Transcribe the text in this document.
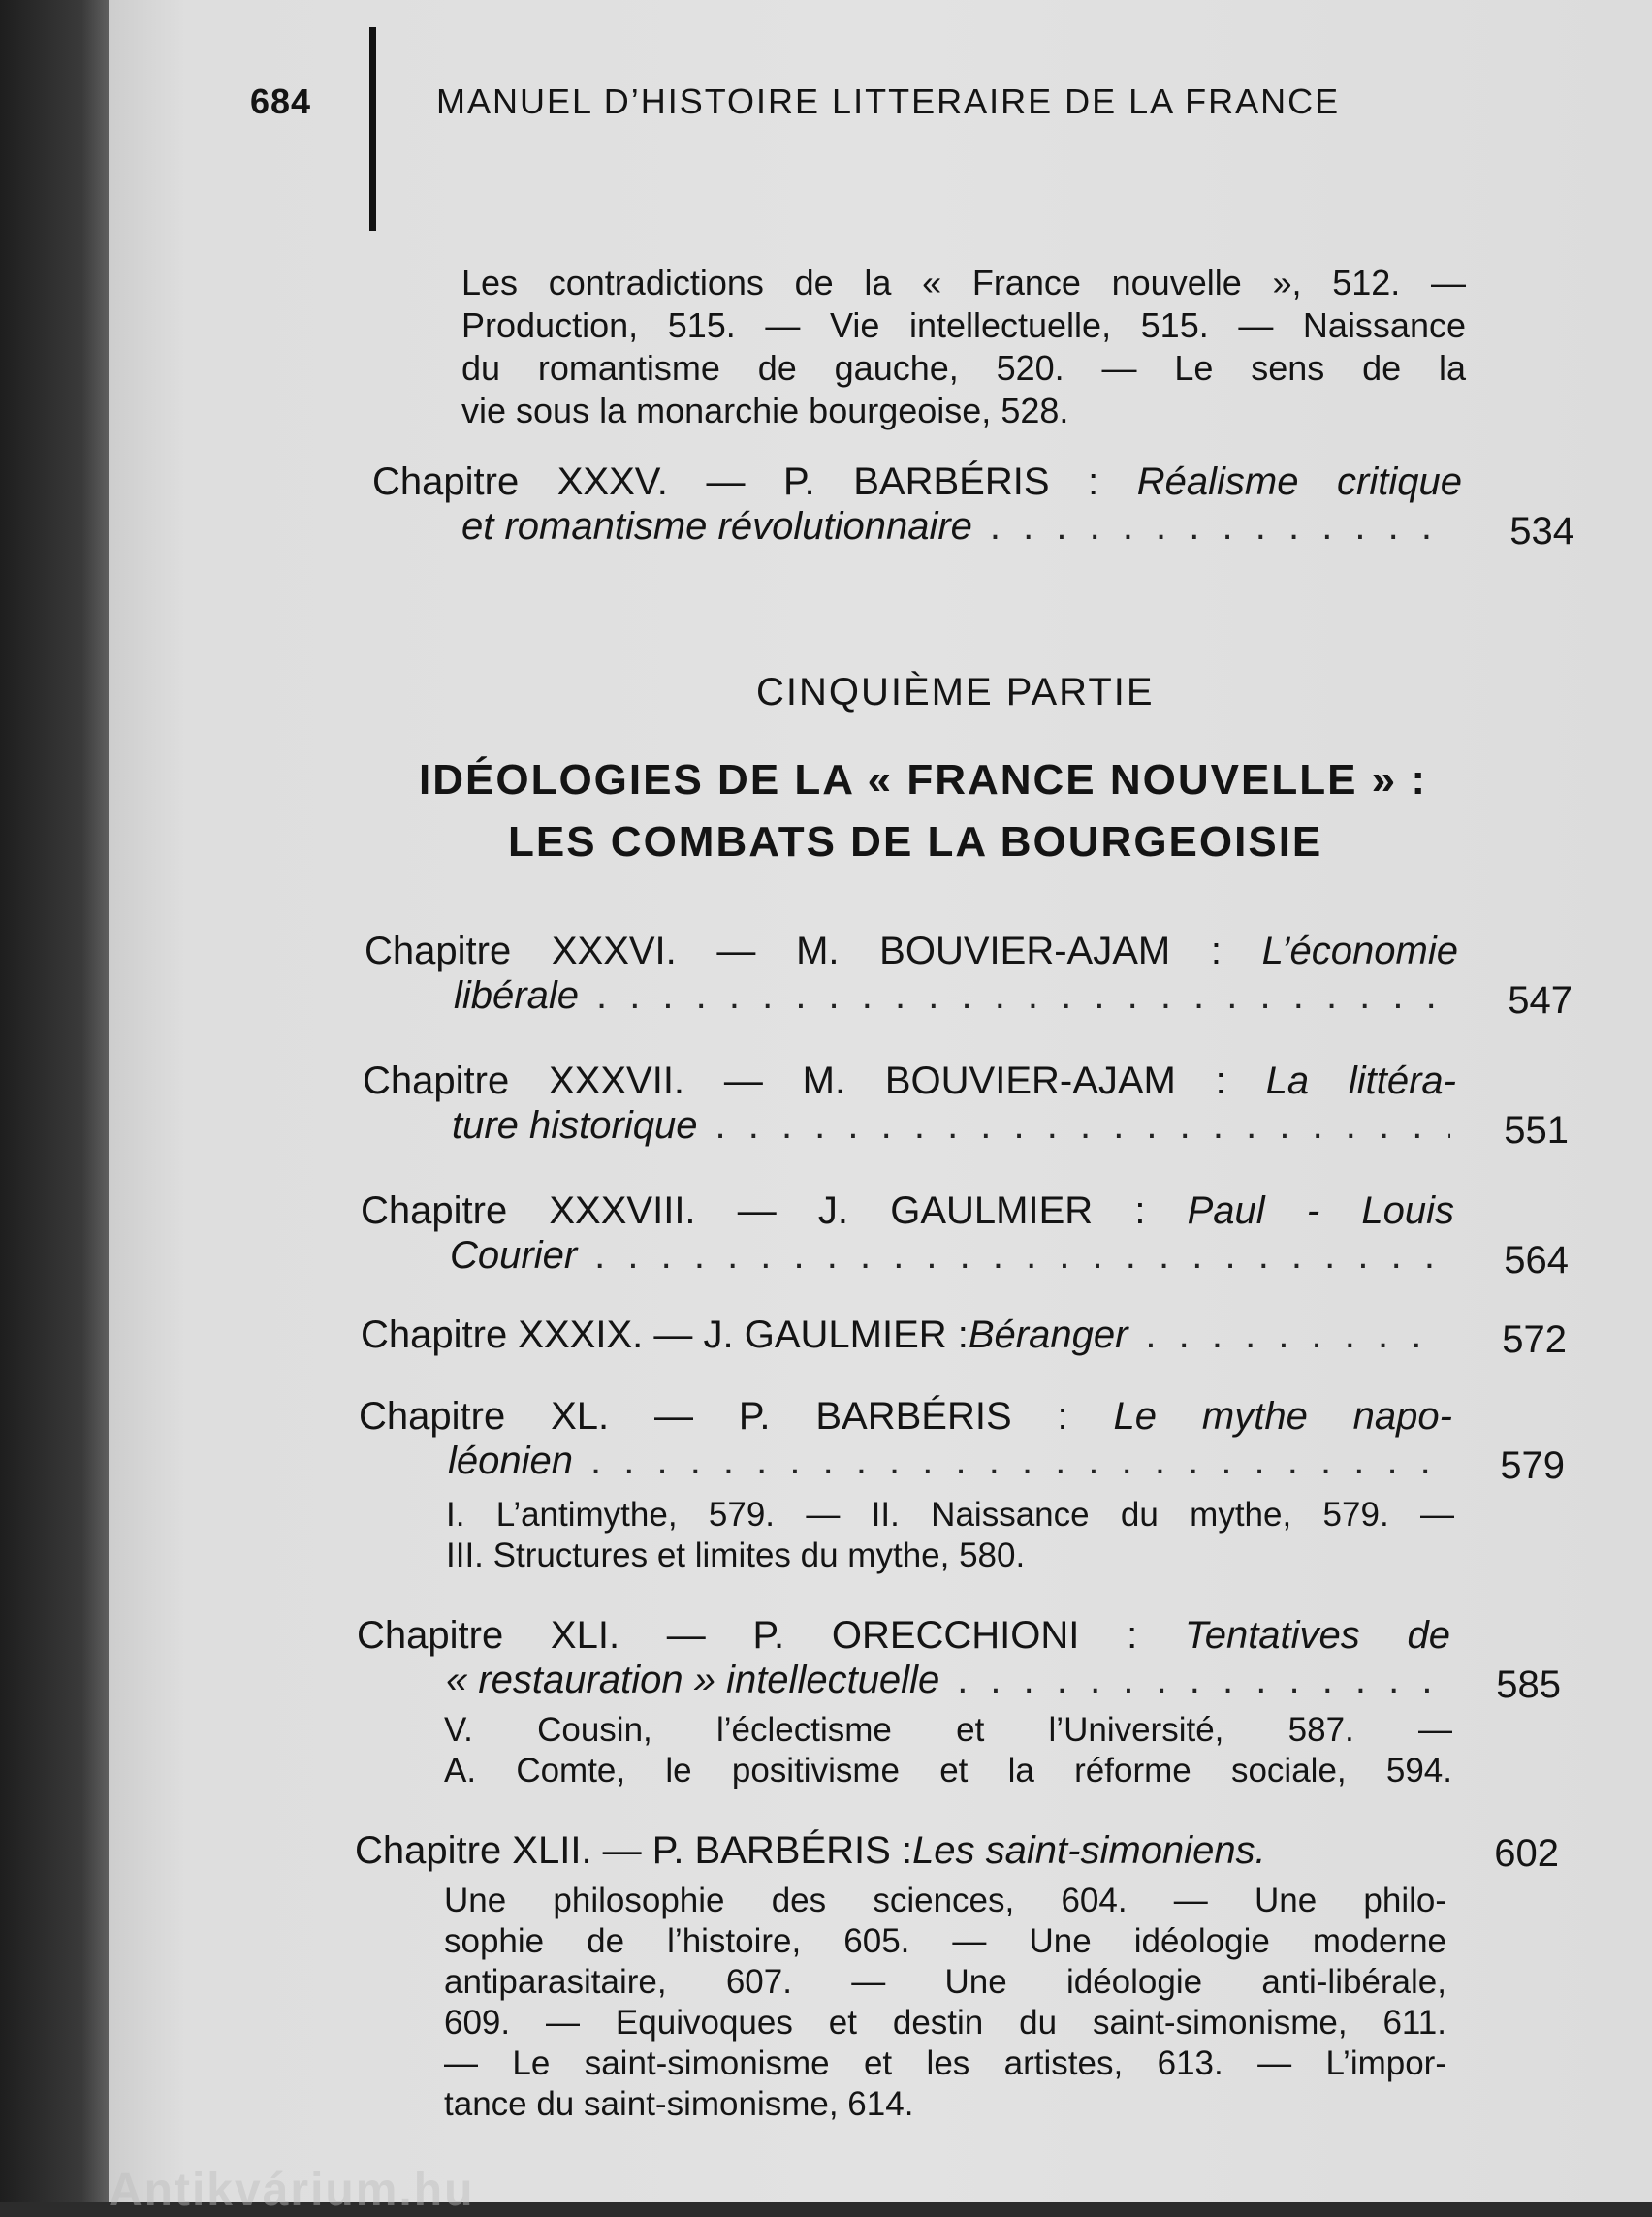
Antikvárium.hu
684	MANUEL D’HISTOIRE LITTERAIRE DE LA FRANCE
Les contradictions de la « France nouvelle », 512. —
Production, 515. — Vie intellectuelle, 515. — Naissance
du romantisme de gauche, 520. — Le sens de la
vie sous la monarchie bourgeoise, 528.
Chapitre XXXV. — P. BARBÉRIS : Réalisme critique
et romantisme révolutionnaire . . .	534
CINQUIÈME PARTIE
IDÉOLOGIES DE LA « FRANCE NOUVELLE » :
LES COMBATS DE LA BOURGEOISIE
Chapitre XXXVI. — M. BOUVIER-AJAM : L’économie
libérale . . .	547
Chapitre XXXVII. — M. BOUVIER-AJAM : La littéra-
ture historique . . .	551
Chapitre XXXVIII. — J. GAULMIER : Paul - Louis
Courier . . .	564
Chapitre XXXIX. — J. GAULMIER : Béranger . . .	572
Chapitre XL. — P. BARBÉRIS : Le mythe napo-
léonien . . .	579
I. L’antimythe, 579. — II. Naissance du mythe, 579. —
III. Structures et limites du mythe, 580.
Chapitre XLI. — P. ORECCHIONI : Tentatives de
« restauration » intellectuelle . . .	585
V. Cousin, l’éclectisme et l’Université, 587. —
A. Comte, le positivisme et la réforme sociale, 594.
Chapitre XLII. — P. BARBÉRIS : Les saint-simoniens.	602
Une philosophie des sciences, 604. — Une philo-
sophie de l’histoire, 605. — Une idéologie moderne
antiparasitaire, 607. — Une idéologie anti-libérale,
609. — Equivoques et destin du saint-simonisme, 611.
— Le saint-simonisme et les artistes, 613. — L’impor-
tance du saint-simonisme, 614.
